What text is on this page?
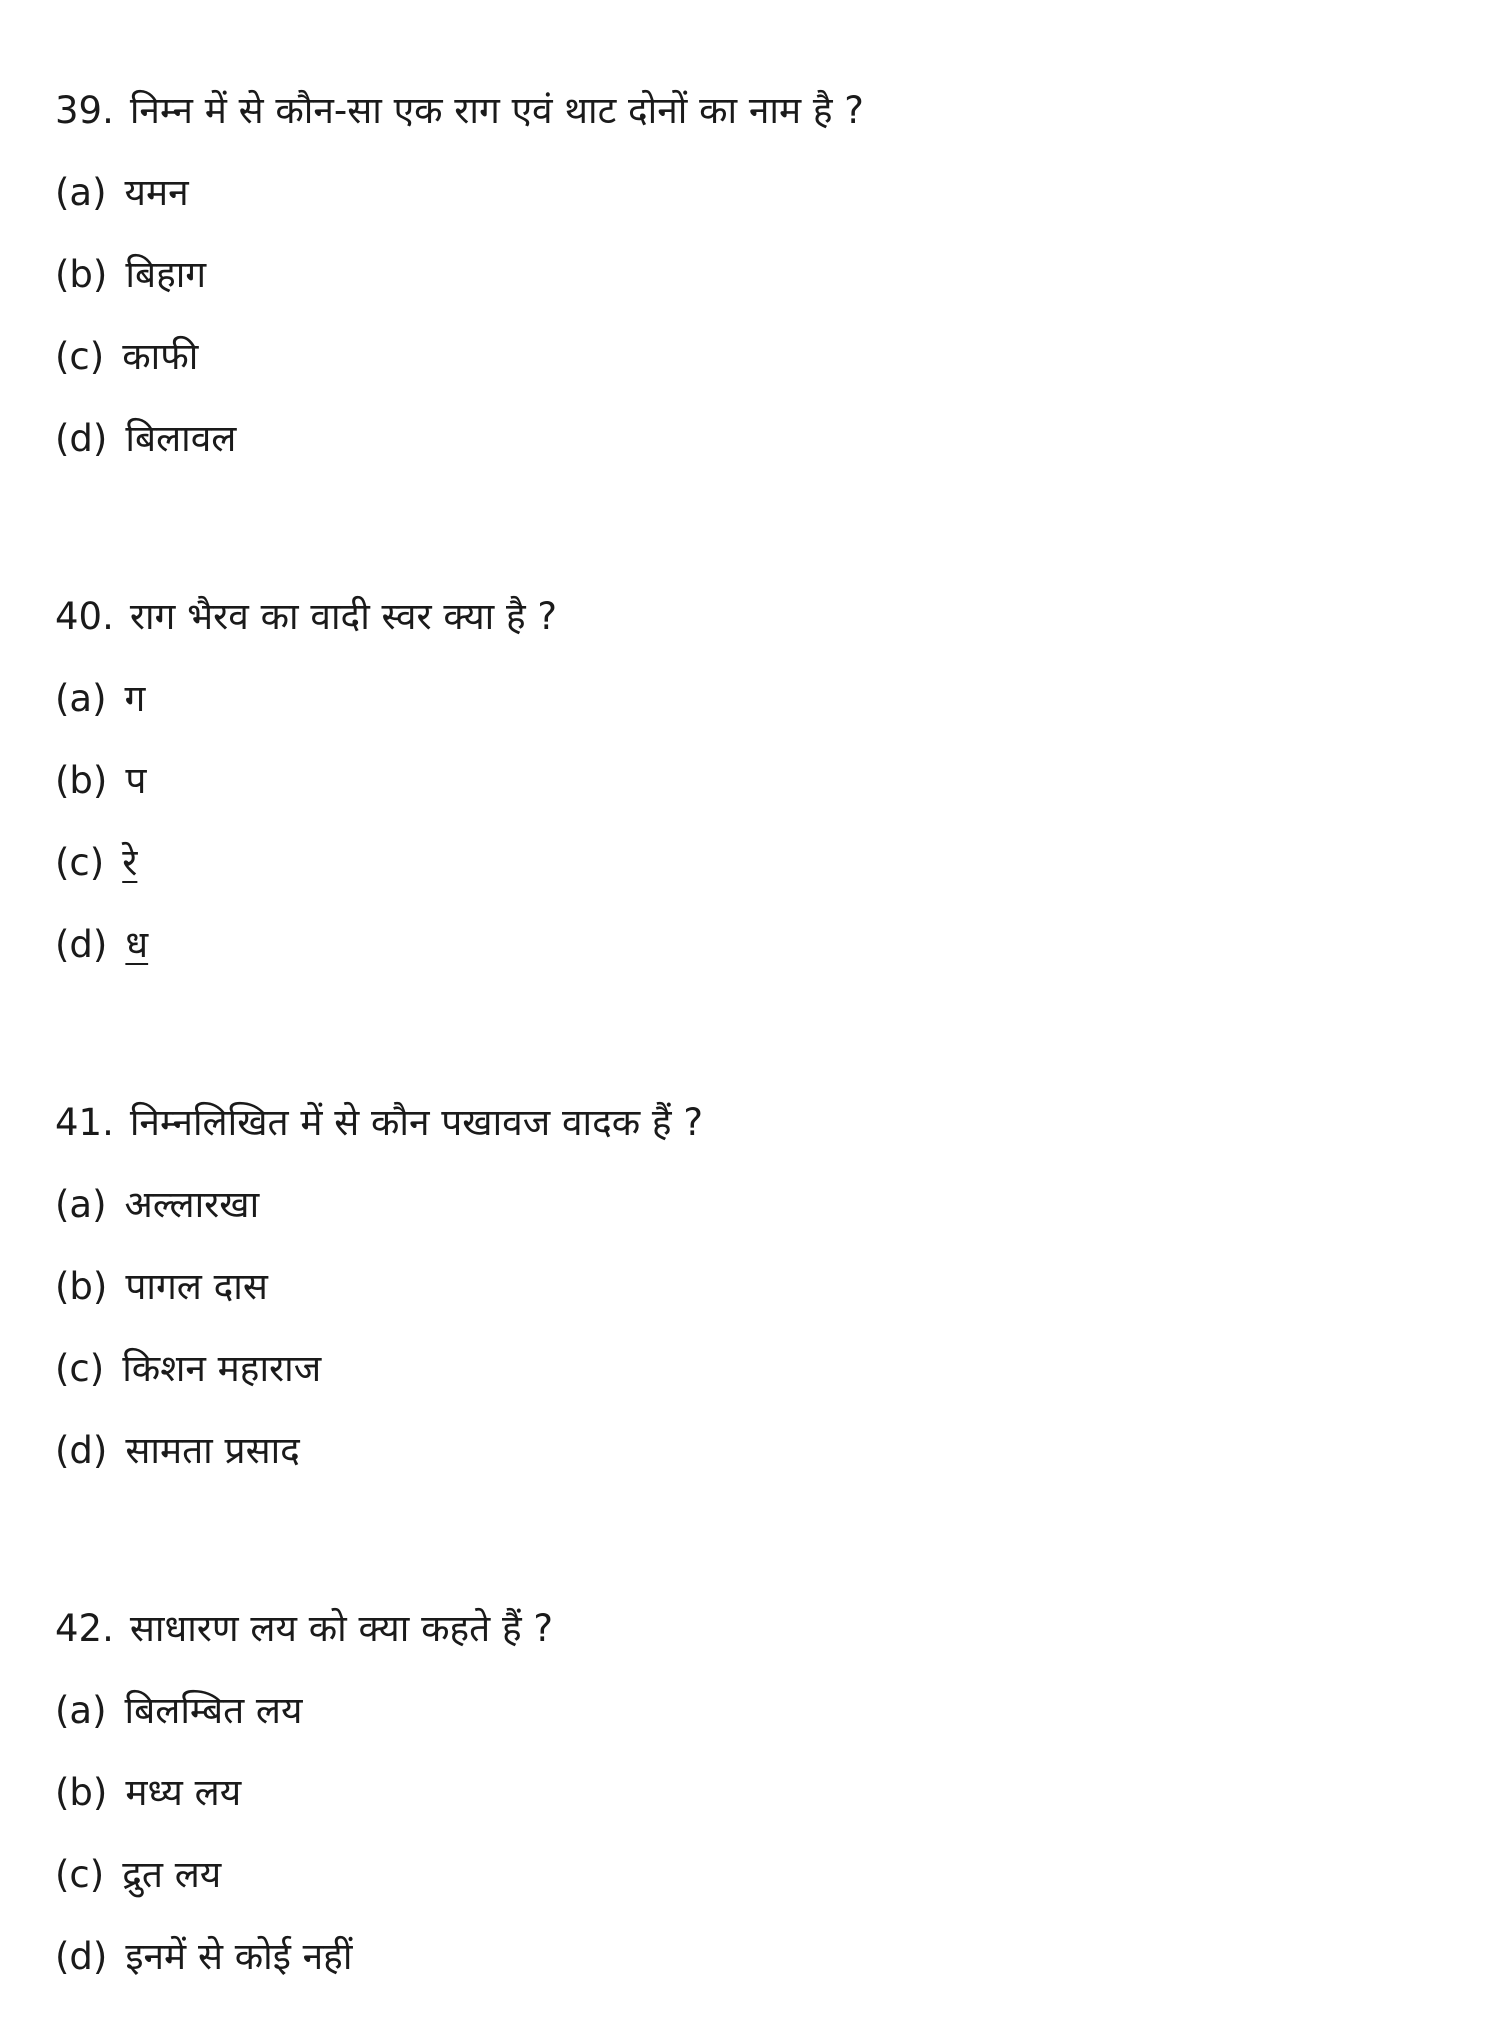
39. निम्न में से कौन-सा एक राग एवं थाट दोनों का नाम है ?
(a) यमन
(b) बिहाग
(c) काफी
(d) बिलावल
40. राग भैरव का वादी स्वर क्या है ?
(a) ग
(b) प
(c) रे
(d) ध
41. निम्नलिखित में से कौन पखावज वादक हैं ?
(a) अल्लारखा
(b) पागल दास
(c) किशन महाराज
(d) सामता प्रसाद
42. साधारण लय को क्या कहते हैं ?
(a) बिलम्बित लय
(b) मध्य लय
(c) द्रुत लय
(d) इनमें से कोई नहीं
